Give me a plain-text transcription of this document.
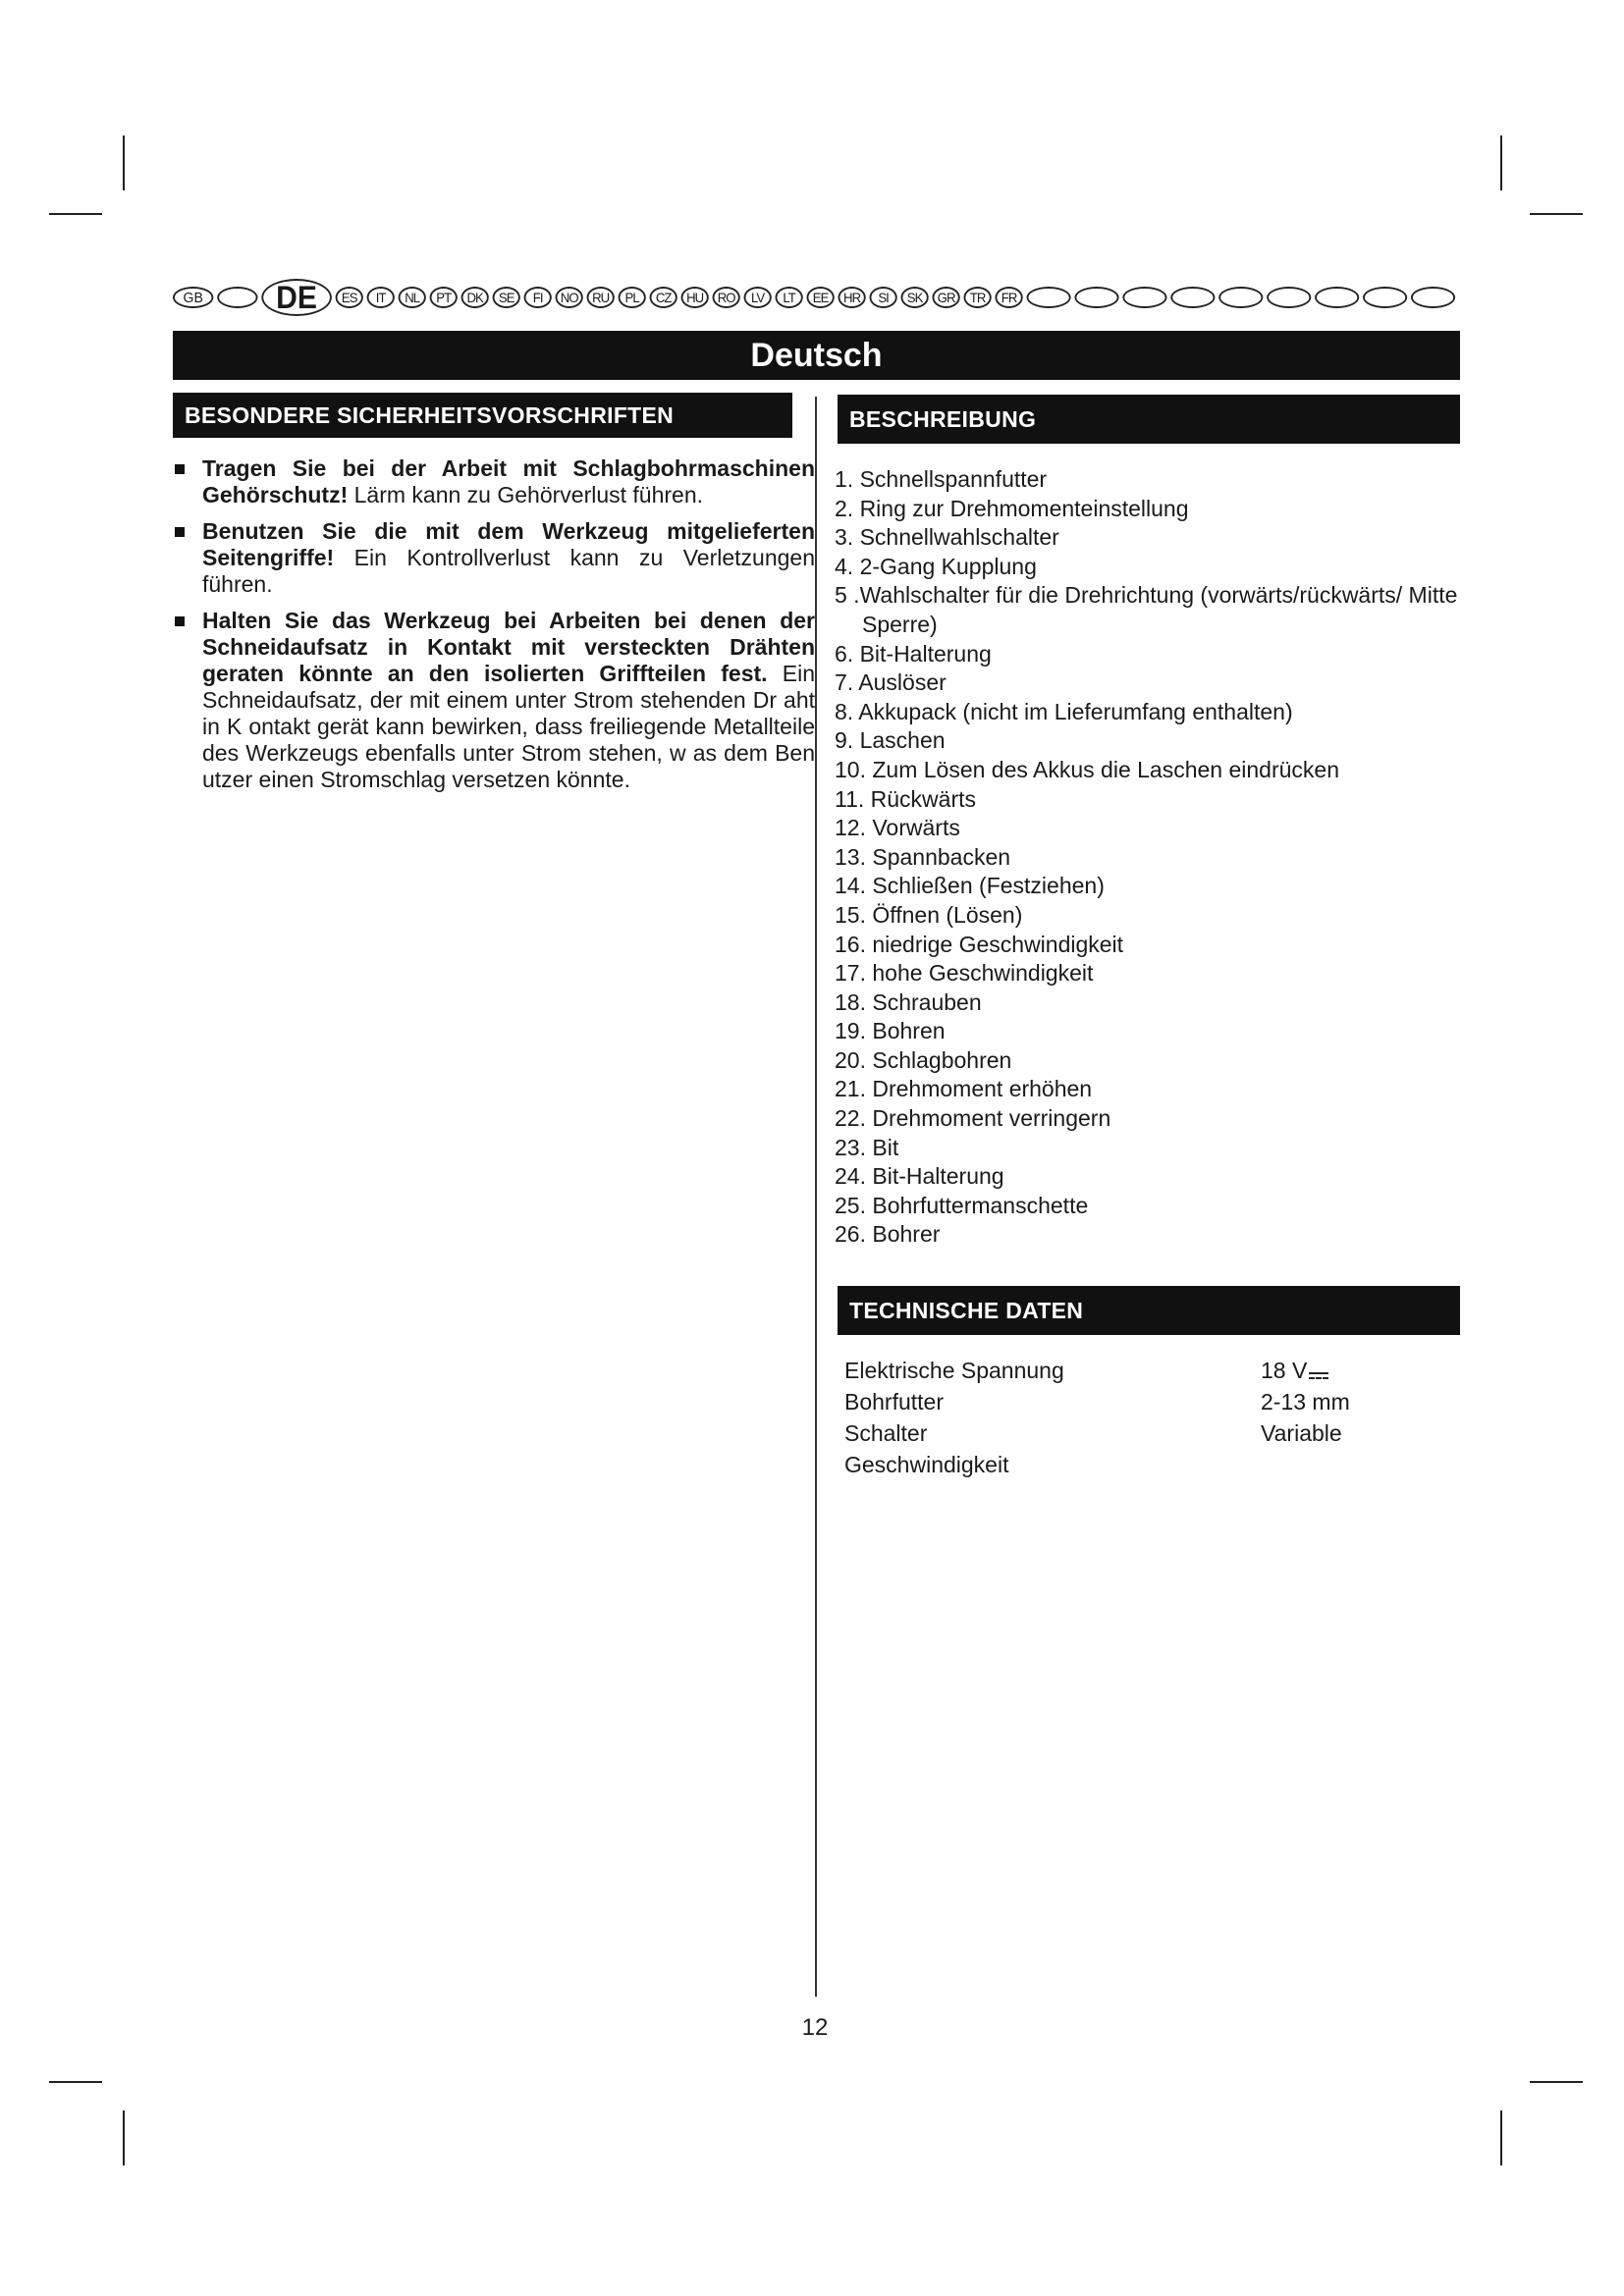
GB	DE	ES	IT	NL	PT	DK	SE	FI	NO	RU	PL	CZ	HU	RO	LV	LT	EE	HR	SI	SK	GR	TR	FR
Deutsch
BESONDERE SICHERHEITSVORSCHRIFTEN
Tragen Sie bei der Arbeit mit Schlagbohrmaschinen Gehörschutz! Lärm kann zu Gehörverlust führen.
Benutzen Sie die mit dem Werkzeug mitgelieferten Seitengriffe! Ein Kontrollverlust kann zu Verletzungen führen.
Halten Sie das Werkzeug bei Arbeiten bei denen der Schneidaufsatz in Kontakt mit versteckten Drähten geraten könnte an den isolierten Griffteilen fest. Ein Schneidaufsatz, der mit einem unter Strom stehenden Dr aht in K ontakt gerät kann bewirken, dass freiliegende Metallteile des Werkzeugs ebenfalls unter Strom stehen, w as dem Ben utzer einen Stromschlag versetzen könnte.
BESCHREIBUNG
1. Schnellspannfutter
2. Ring zur Drehmomenteinstellung
3. Schnellwahlschalter
4. 2-Gang Kupplung
5 .Wahlschalter für die Drehrichtung (vorwärts/rückwärts/ Mitte Sperre)
6. Bit-Halterung
7. Auslöser
8. Akkupack (nicht im Lieferumfang enthalten)
9. Laschen
10. Zum Lösen des Akkus die Laschen eindrücken
11. Rückwärts
12. Vorwärts
13. Spannbacken
14. Schließen (Festziehen)
15. Öffnen (Lösen)
16. niedrige Geschwindigkeit
17. hohe Geschwindigkeit
18. Schrauben
19. Bohren
20. Schlagbohren
21. Drehmoment erhöhen
22. Drehmoment verringern
23. Bit
24. Bit-Halterung
25. Bohrfuttermanschette
26. Bohrer
TECHNISCHE DATEN
Elektrische Spannung	18 V
Bohrfutter	2-13 mm
Schalter	Variable
Geschwindigkeit
12
